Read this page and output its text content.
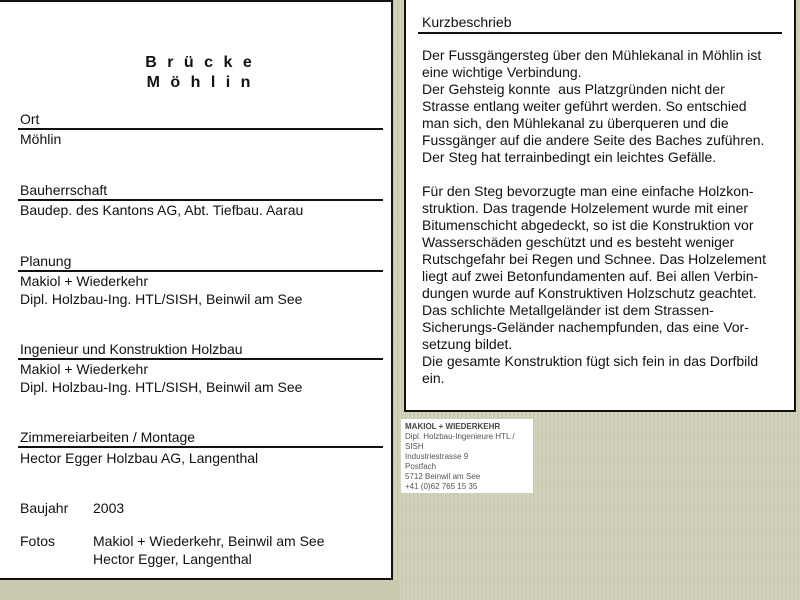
B r ü c k e
M ö h l i n
Ort
Möhlin
Bauherrschaft
Baudep. des Kantons AG, Abt. Tiefbau. Aarau
Planung
Makiol + Wiederkehr
Dipl. Holzbau-Ing. HTL/SISH, Beinwil am See
Ingenieur und Konstruktion Holzbau
Makiol + Wiederkehr
Dipl. Holzbau-Ing. HTL/SISH, Beinwil am See
Zimmereiarbeiten / Montage
Hector Egger Holzbau AG, Langenthal
Baujahr 2003
Fotos	Makiol + Wiederkehr, Beinwil am See
Hector Egger, Langenthal
Kurzbeschrieb

Der Fussgängersteg über den Mühlekanal in Möhlin ist
eine wichtige Verbindung.
Der Gehsteig konnte  aus Platzgründen nicht der
Strasse entlang weiter geführt werden. So entschied
man sich, den Mühlekanal zu überqueren und die
Fussgänger auf die andere Seite des Baches zuführen.
Der Steg hat terrainbedingt ein leichtes Gefälle.

Für den Steg bevorzugte man eine einfache Holzkon-
struktion. Das tragende Holzelement wurde mit einer
Bitumenschicht abgedeckt, so ist die Konstruktion vor
Wasserschäden geschützt und es besteht weniger
Rutschgefahr bei Regen und Schnee. Das Holzelement
liegt auf zwei Betonfundamenten auf. Bei allen Verbin-
dungen wurde auf Konstruktiven Holzschutz geachtet.
Das schlichte Metallgeländer ist dem Strassen-
Sicherungs-Geländer nachempfunden, das eine Vor-
setzung bildet.
Die gesamte Konstruktion fügt sich fein in das Dorfbild
ein.

MAKIOL + WIEDERKEHR
Dipl. Holzbau-Ingenieure HTL /
SISH
Industriestrasse 9
Postfach
5712 Beinwil am See
+41 (0)62 765 15 35
